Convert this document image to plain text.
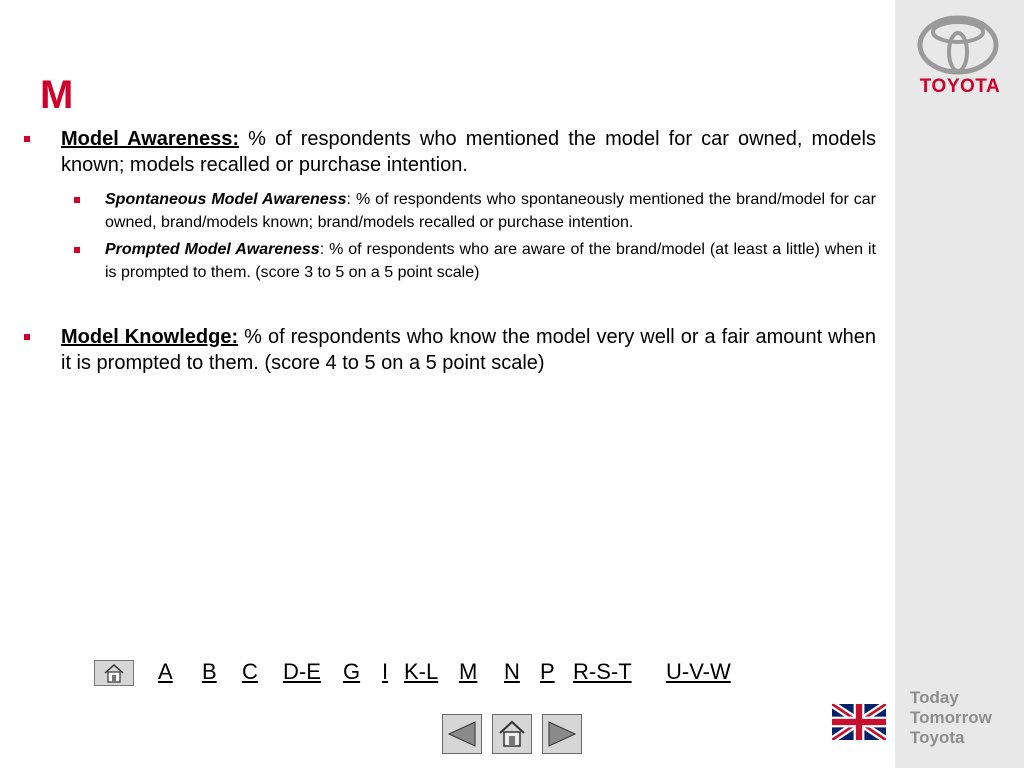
TOYOTA
Today
Tomorrow
Toyota
M
Model Awareness: % of respondents who mentioned the model for car owned, models known; models recalled or purchase intention.
Spontaneous Model Awareness: % of respondents who spontaneously mentioned the brand/model for car owned, brand/models known; brand/models recalled or purchase intention.
Prompted Model Awareness: % of respondents who are aware of the brand/model (at least a little) when it is prompted to them. (score 3 to 5 on a 5 point scale)
Model Knowledge: % of respondents who know the model very well or a fair amount when it is prompted to them. (score 4 to 5 on a 5 point scale)
A B C D-E G I K-L M N P R-S-T U-V-W
